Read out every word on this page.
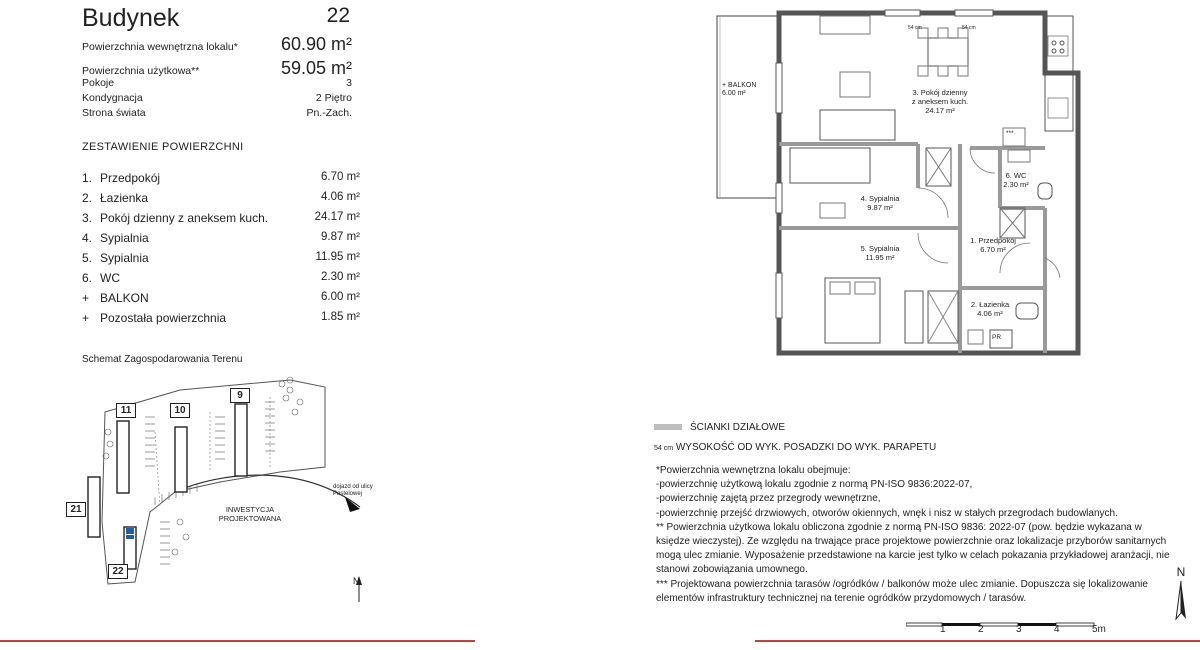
Budynek	22
Powierzchnia wewnętrzna lokalu* 60.90 m²
Powierzchnia użytkowa**	59.05 m²
Pokoje	3
Kondygnacja	2 Piętro
Strona świata	Pn.-Zach.
ZESTAWIENIE POWIERZCHNI
1. Przedpokój	6.70 m²
2. Łazienka	4.06 m²
3. Pokój dzienny z aneksem kuch.	24.17 m²
4. Sypialnia	9.87 m²
5. Sypialnia	11.95 m²
6. WC	2.30 m²
+ BALKON	6.00 m²
+ Pozostała powierzchnia	1.85 m²
Schemat Zagospodarowania Terenu
11	10
9
21
22
dojazd od ulicy Pastelowej
INWESTYCJA
PROJEKTOWANA
N
+ BALKON
6.00 m²	3. Pokój dzienny
z aneksem kuch.
24.17 m²
4. Sypialnia
9.87 m²
5. Sypialnia
11.95 m²
6. WC
2.30 m²
1. Przedpokój
6.70 m²
2. Łazienka
4.06 m²
PR
***
54 cm	54 cm
ŚCIANKI DZIAŁOWE
54 cm WYSOKOŚĆ OD WYK. POSADZKI DO WYK. PARAPETU

*Powierzchnia wewnętrzna lokalu obejmuje:

-powierzchnię użytkową lokalu zgodnie z normą PN-ISO 9836:2022-07,

-powierzchnię zajętą przez przegrody wewnętrzne,

-powierzchnię przejść drzwiowych, otworów okiennych, wnęk i nisz w stałych przegrodach budowlanych.

** Powierzchnia użytkowa lokalu obliczona zgodnie z normą PN-ISO 9836: 2022-07 (pow. będzie wykazana w księdze wieczystej). Ze względu na trwające prace projektowe powierzchnie oraz lokalizacje przyborów sanitarnych mogą ulec zmianie. Wyposażenie przedstawione na karcie jest tylko w celach pokazania przykładowej aranżacji, nie stanowi zobowiązania umownego.

*** Projektowana powierzchnia tarasów /ogródków / balkonów może ulec zmianie. Dopuszcza się lokalizowanie elementów infrastruktury technicznej na terenie ogródków przydomowych / tarasów.

N
1	2	3	4	5m
